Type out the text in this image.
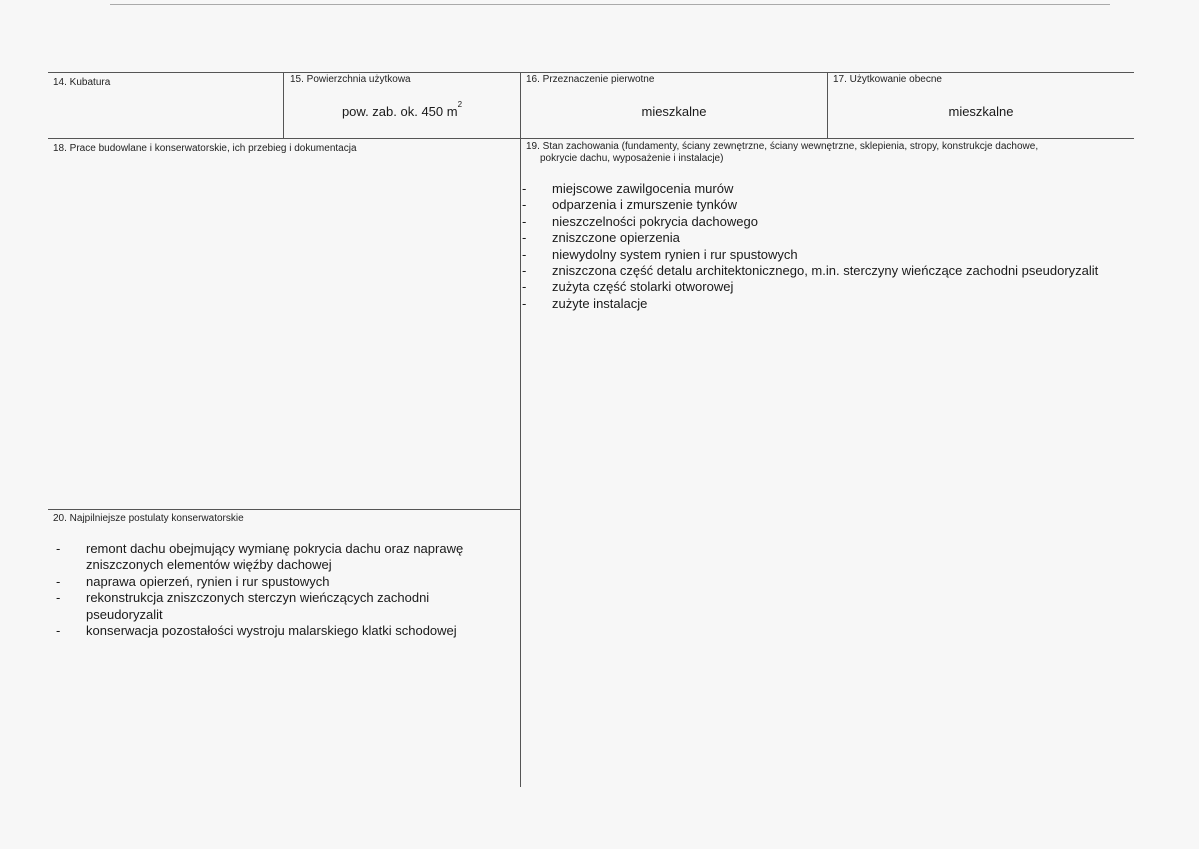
14. Kubatura	15. Powierzchnia użytkowa
pow. zab. ok. 450 $m^2$
16. Przeznaczenie pierwotne
mieszkalne
17. Użytkowanie obecne
mieszkalne
18. Prace budowlane i konserwatorskie, ich przebieg i dokumentacja	19. Stan zachowania (fundamenty, ściany zewnętrzne, ściany wewnętrzne, sklepienia, stropy, konstrukcje dachowe,
pokrycie dachu, wyposażenie i instalacje)
- miejscowe zawilgocenia murów
- odparzenia i zmurszenie tynków
- nieszczelności pokrycia dachowego
- zniszczone opierzenia
- niewydolny system rynien i rur spustowych
- zniszczona część detalu architektonicznego, m.in. sterczyny wieńczące zachodni pseudoryzalit
- zużyta część stolarki otworowej
- zużyte instalacje
20. Najpilniejsze postulaty konserwatorskie
- remont dachu obejmujący wymianę pokrycia dachu oraz naprawę zniszczonych elementów więźby dachowej
- naprawa opierzeń, rynien i rur spustowych
- rekonstrukcja zniszczonych sterczyn wieńczących zachodni pseudoryzalit
- konserwacja pozostałości wystroju malarskiego klatki schodowej
